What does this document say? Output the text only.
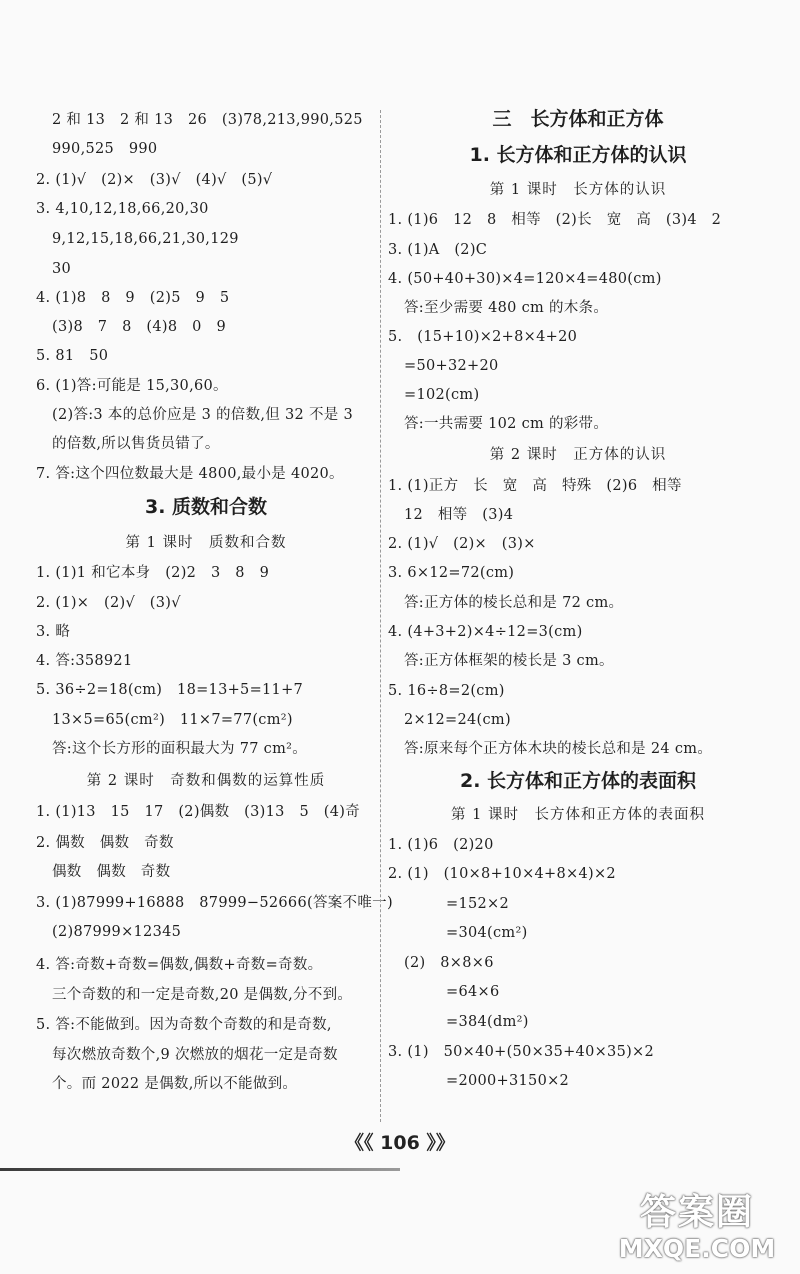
2 和 13　2 和 13　26　(3)78,213,990,525
990,525　990
2. (1)√　(2)×　(3)√　(4)√　(5)√
3. 4,10,12,18,66,20,30
9,12,15,18,66,21,30,129
30
4. (1)8　8　9　(2)5　9　5
(3)8　7　8　(4)8　0　9
5. 81　50
6. (1)答:可能是 15,30,60。
(2)答:3 本的总价应是 3 的倍数,但 32 不是 3
的倍数,所以售货员错了。
7. 答:这个四位数最大是 4800,最小是 4020。
3. 质数和合数
第 1 课时　质数和合数
1. (1)1 和它本身　(2)2　3　8　9
2. (1)×　(2)√　(3)√
3. 略
4. 答:358921
5. 36÷2=18(cm)　18=13+5=11+7
13×5=65(cm²)　11×7=77(cm²)
答:这个长方形的面积最大为 77 cm²。
第 2 课时　奇数和偶数的运算性质
1. (1)13　15　17　(2)偶数　(3)13　5　(4)奇
2. 偶数　偶数　奇数
偶数　偶数　奇数
3. (1)87999+16888　87999−52666(答案不唯一)
(2)87999×12345
4. 答:奇数+奇数=偶数,偶数+奇数=奇数。
三个奇数的和一定是奇数,20 是偶数,分不到。
5. 答:不能做到。因为奇数个奇数的和是奇数,
每次燃放奇数个,9 次燃放的烟花一定是奇数
个。而 2022 是偶数,所以不能做到。
三　长方体和正方体
1. 长方体和正方体的认识
第 1 课时　长方体的认识
1. (1)6　12　8　相等　(2)长　宽　高　(3)4　2
3. (1)A　(2)C
4. (50+40+30)×4=120×4=480(cm)
答:至少需要 480 cm 的木条。
5.　(15+10)×2+8×4+20
=50+32+20
=102(cm)
答:一共需要 102 cm 的彩带。
第 2 课时　正方体的认识
1. (1)正方　长　宽　高　特殊　(2)6　相等
12　相等　(3)4
2. (1)√　(2)×　(3)×
3. 6×12=72(cm)
答:正方体的棱长总和是 72 cm。
4. (4+3+2)×4÷12=3(cm)
答:正方体框架的棱长是 3 cm。
5. 16÷8=2(cm)
2×12=24(cm)
答:原来每个正方体木块的棱长总和是 24 cm。
2. 长方体和正方体的表面积
第 1 课时　长方体和正方体的表面积
1. (1)6　(2)20
2. (1)　(10×8+10×4+8×4)×2
=152×2
=304(cm²)
(2)　8×8×6
=64×6
=384(dm²)
3. (1)　50×40+(50×35+40×35)×2
=2000+3150×2
《《 106 》》
答案圈
MXQE.COM
